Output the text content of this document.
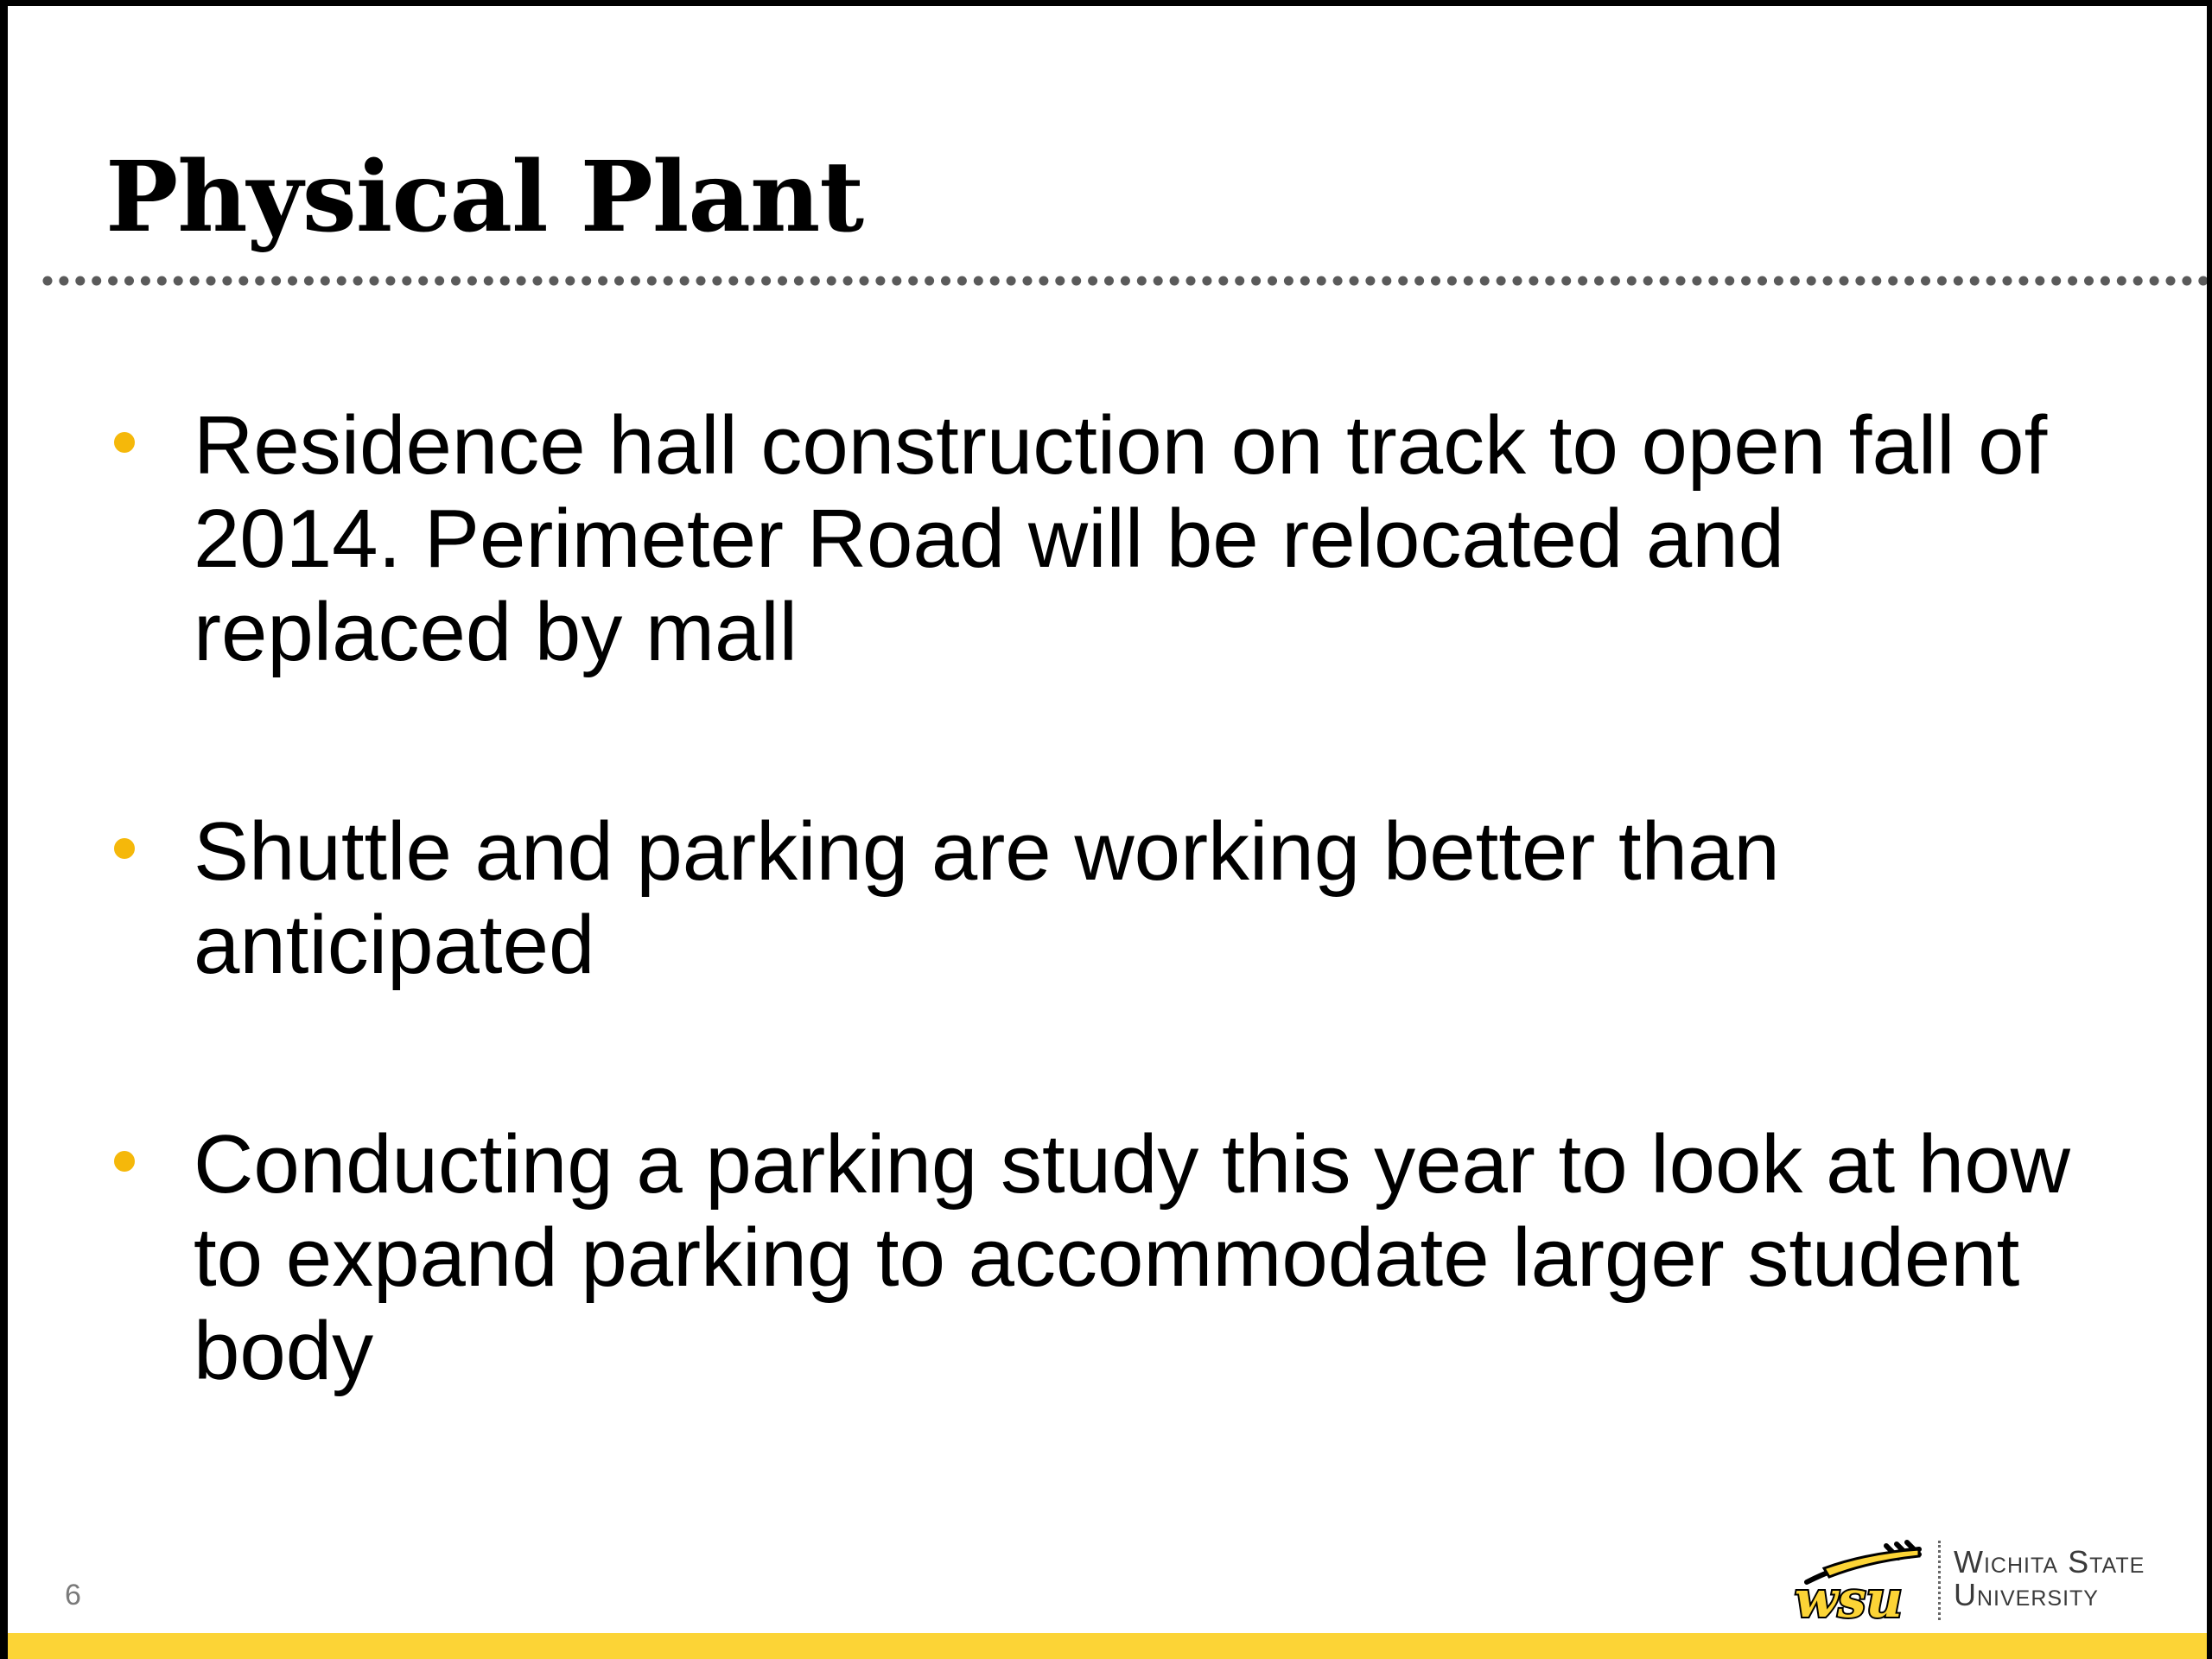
Physical Plant
Residence hall construction on track to open fall of 2014. Perimeter Road will be relocated and replaced by mall
Shuttle and parking are working better than anticipated
Conducting a parking study this year to look at how to expand parking to accommodate larger student body
6	wsu
Wichita State
University
